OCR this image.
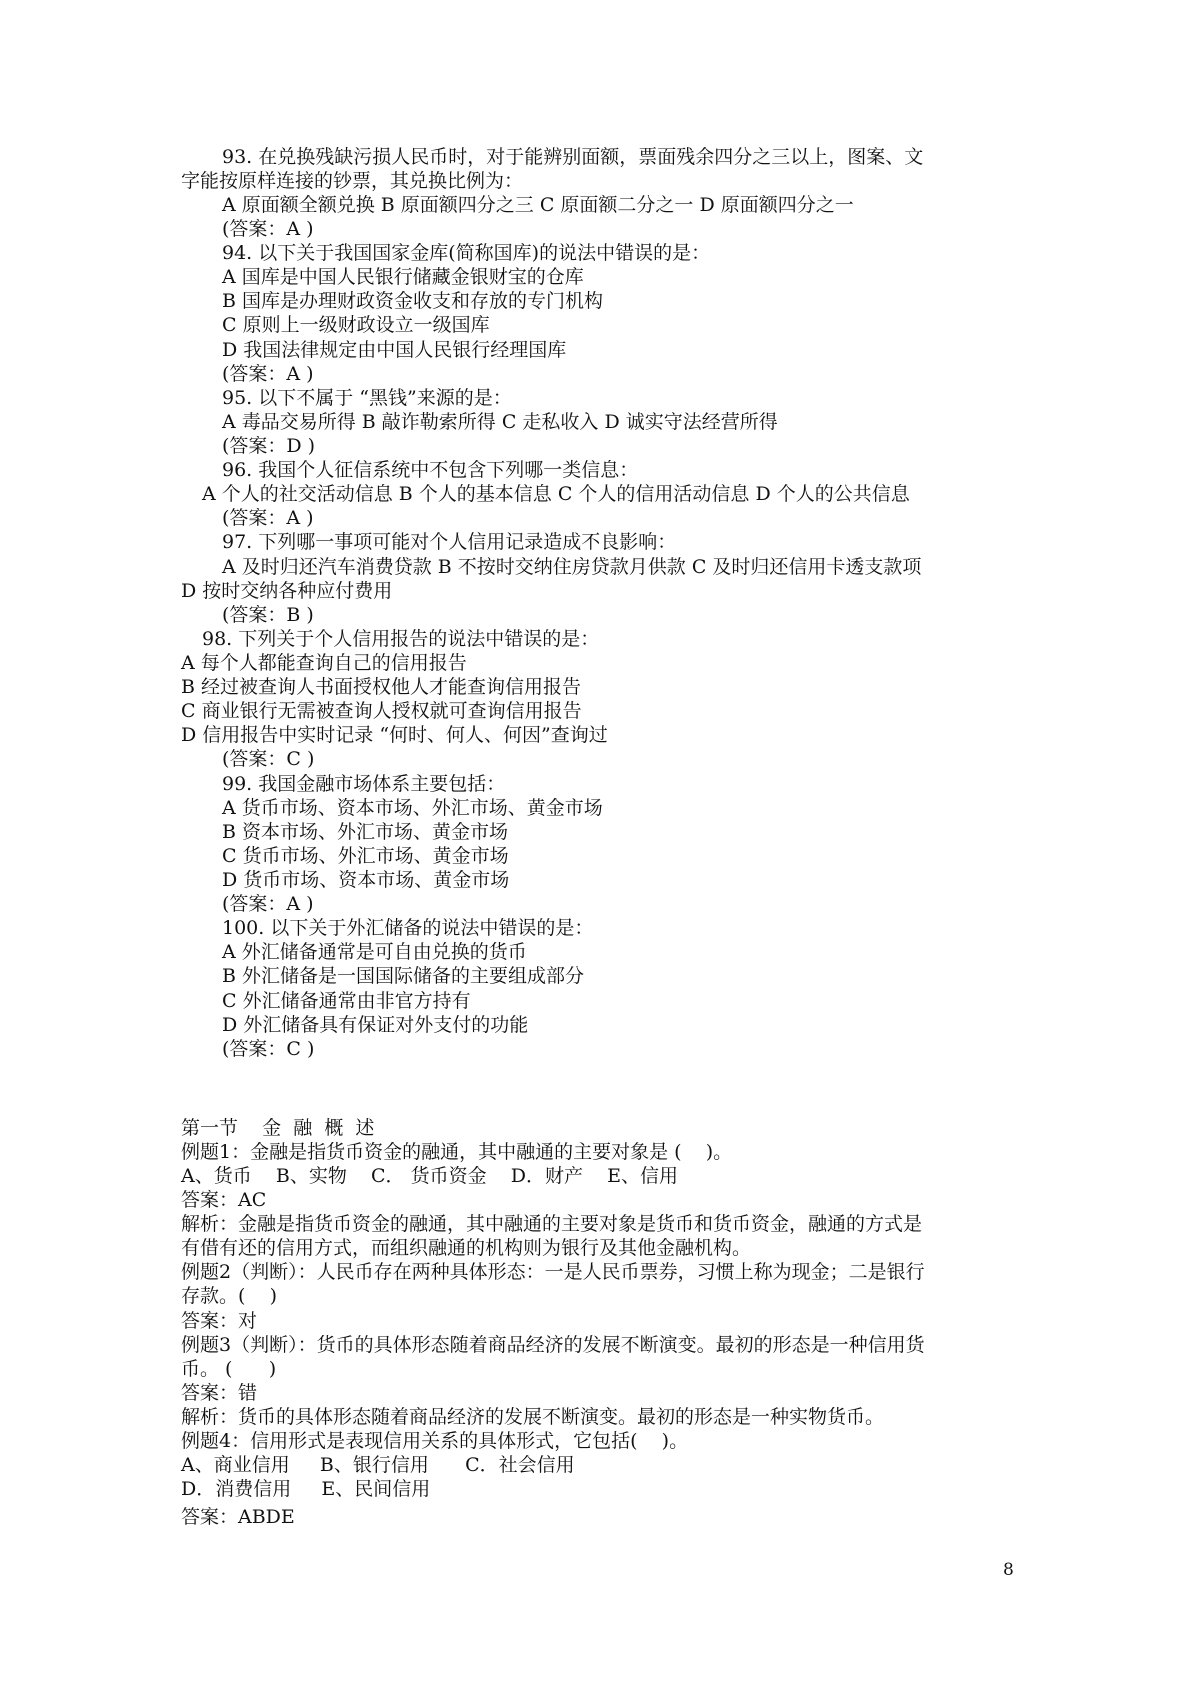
93. 在兑换残缺污损人民币时，对于能辨别面额，票面残余四分之三以上，图案、文
字能按原样连接的钞票，其兑换比例为：
A 原面额全额兑换 B 原面额四分之三 C 原面额二分之一 D 原面额四分之一
(答案：A )
94. 以下关于我国国家金库(简称国库)的说法中错误的是：
A 国库是中国人民银行储藏金银财宝的仓库
B 国库是办理财政资金收支和存放的专门机构
C 原则上一级财政设立一级国库
D 我国法律规定由中国人民银行经理国库
(答案：A )
95. 以下不属于 “黑钱”来源的是：
A 毒品交易所得 B 敲诈勒索所得 C 走私收入 D 诚实守法经营所得
(答案：D )
96. 我国个人征信系统中不包含下列哪一类信息：
A 个人的社交活动信息 B 个人的基本信息 C 个人的信用活动信息 D 个人的公共信息
(答案：A )
97. 下列哪一事项可能对个人信用记录造成不良影响：
A 及时归还汽车消费贷款 B 不按时交纳住房贷款月供款 C 及时归还信用卡透支款项
D 按时交纳各种应付费用
(答案：B )
98. 下列关于个人信用报告的说法中错误的是：
A 每个人都能查询自己的信用报告
B 经过被查询人书面授权他人才能查询信用报告
C 商业银行无需被查询人授权就可查询信用报告
D 信用报告中实时记录 “何时、何人、何因”查询过
(答案：C )
99. 我国金融市场体系主要包括：
A 货币市场、资本市场、外汇市场、黄金市场
B 资本市场、外汇市场、黄金市场
C 货币市场、外汇市场、黄金市场
D 货币市场、资本市场、黄金市场
(答案：A )
100. 以下关于外汇储备的说法中错误的是：
A 外汇储备通常是可自由兑换的货币
B 外汇储备是一国国际储备的主要组成部分
C 外汇储备通常由非官方持有
D 外汇储备具有保证对外支付的功能
(答案：C )
第一节    金  融  概  述
例题1：金融是指货币资金的融通，其中融通的主要对象是 (    )。
A、货币    B、实物    C． 货币资金    D．财产    E、信用
答案：AC
解析：金融是指货币资金的融通，其中融通的主要对象是货币和货币资金，融通的方式是
有借有还的信用方式，而组织融通的机构则为银行及其他金融机构。
例题2（判断）：人民币存在两种具体形态：一是人民币票券，习惯上称为现金；二是银行
存款。(    )
答案：对
例题3（判断）：货币的具体形态随着商品经济的发展不断演变。最初的形态是一种信用货
币。 (      )
答案：错
解析：货币的具体形态随着商品经济的发展不断演变。最初的形态是一种实物货币。
例题4：信用形式是表现信用关系的具体形式，它包括(    )。
A、商业信用     B、银行信用      C．社会信用
D．消费信用     E、民间信用
答案：ABDE
8
